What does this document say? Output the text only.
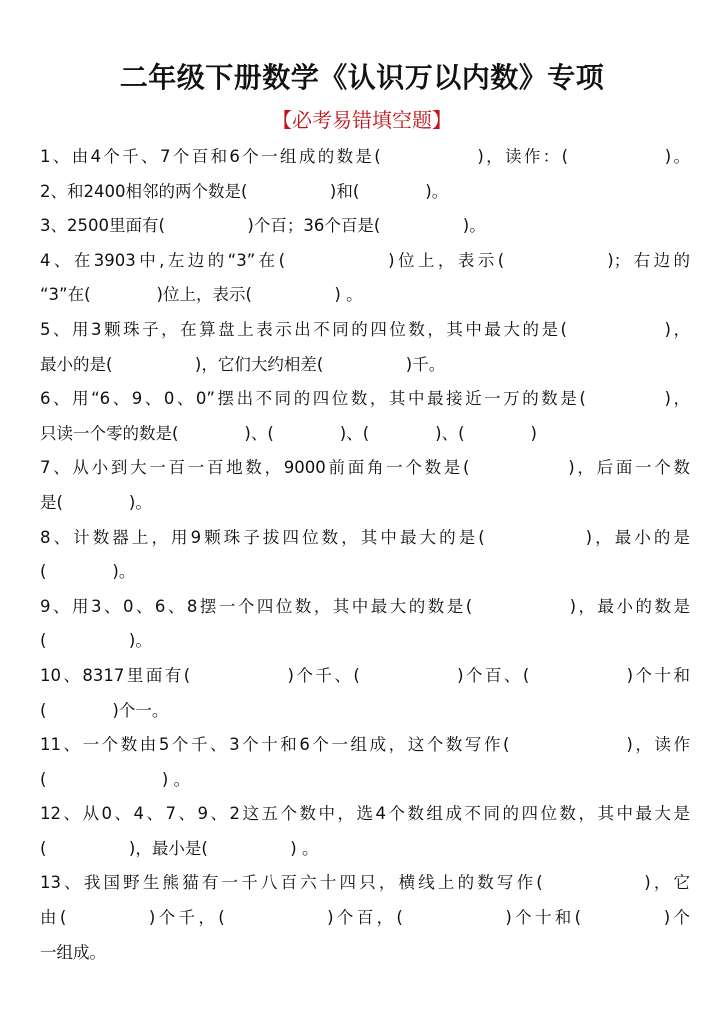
二年级下册数学《认识万以内数》专项
【必考易错填空题】
1、由4个千、7个百和6个一组成的数是(　　　　　)，读作：(　　　　　)。
2、和2400相邻的两个数是(　　　　　)和(　　　　)。
3、2500里面有(　　　　　)个百；36个百是(　　　　　)。
4、在3903中,左边的“3”在(　　　　　)位上，表示(　　　　　)；右边的
“3”在(　　　　)位上，表示(　　　　　) 。
5、用3颗珠子，在算盘上表示出不同的四位数，其中最大的是(　　　　　)，
最小的是(　　　　　)，它们大约相差(　　　　　)千。
6、用“6、9、0、0”摆出不同的四位数，其中最接近一万的数是(　　　　)，
只读一个零的数是(　　　　)、(　　　　)、(　　　　)、(　　　　)
7、从小到大一百一百地数，9000前面角一个数是(　　　　　)，后面一个数
是(　　　　)。
8、计数器上，用9颗珠子拔四位数，其中最大的是(　　　　　)，最小的是
(　　　　)。
9、用3、0、6、8摆一个四位数，其中最大的数是(　　　　　)，最小的数是
(　　　　　)。
10、8317里面有(　　　　　)个千、(　　　　　)个百、(　　　　　)个十和
(　　　　)个一。
11、一个数由5个千、3个十和6个一组成，这个数写作(　　　　　　)，读作
(　　　　　　　) 。
12、从0、4、7、9、2这五个数中，选4个数组成不同的四位数，其中最大是
(　　　　　)，最小是(　　　　　) 。
13、我国野生熊猫有一千八百六十四只，横线上的数写作(　　　　　)，它
由(　　　　)个千，(　　　　　)个百，(　　　　　)个十和(　　　　)个
一组成。
